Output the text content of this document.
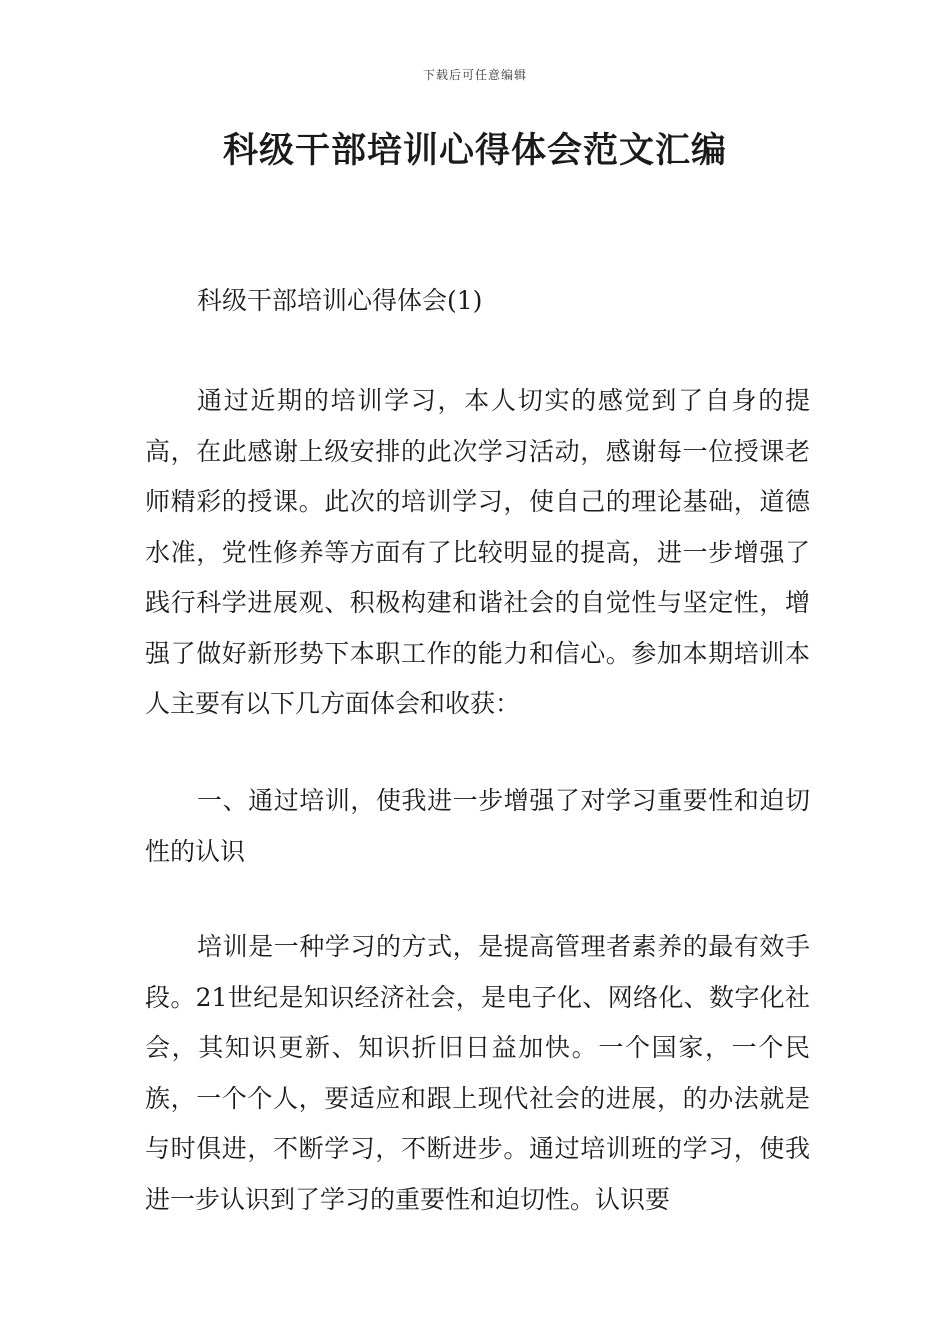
下载后可任意编辑
科级干部培训心得体会范文汇编

科级干部培训心得体会(1)

通过近期的培训学习，本人切实的感觉到了自身的提高，在此感谢上级安排的此次学习活动，感谢每一位授课老师精彩的授课。此次的培训学习，使自己的理论基础，道德水准，党性修养等方面有了比较明显的提高，进一步增强了践行科学进展观、积极构建和谐社会的自觉性与坚定性，增强了做好新形势下本职工作的能力和信心。参加本期培训本人主要有以下几方面体会和收获：

一、通过培训，使我进一步增强了对学习重要性和迫切性的认识

培训是一种学习的方式，是提高管理者素养的最有效手段。21世纪是知识经济社会，是电子化、网络化、数字化社会，其知识更新、知识折旧日益加快。一个国家，一个民族，一个个人，要适应和跟上现代社会的进展，的办法就是与时俱进，不断学习，不断进步。通过培训班的学习，使我进一步认识到了学习的重要性和迫切性。认识要
